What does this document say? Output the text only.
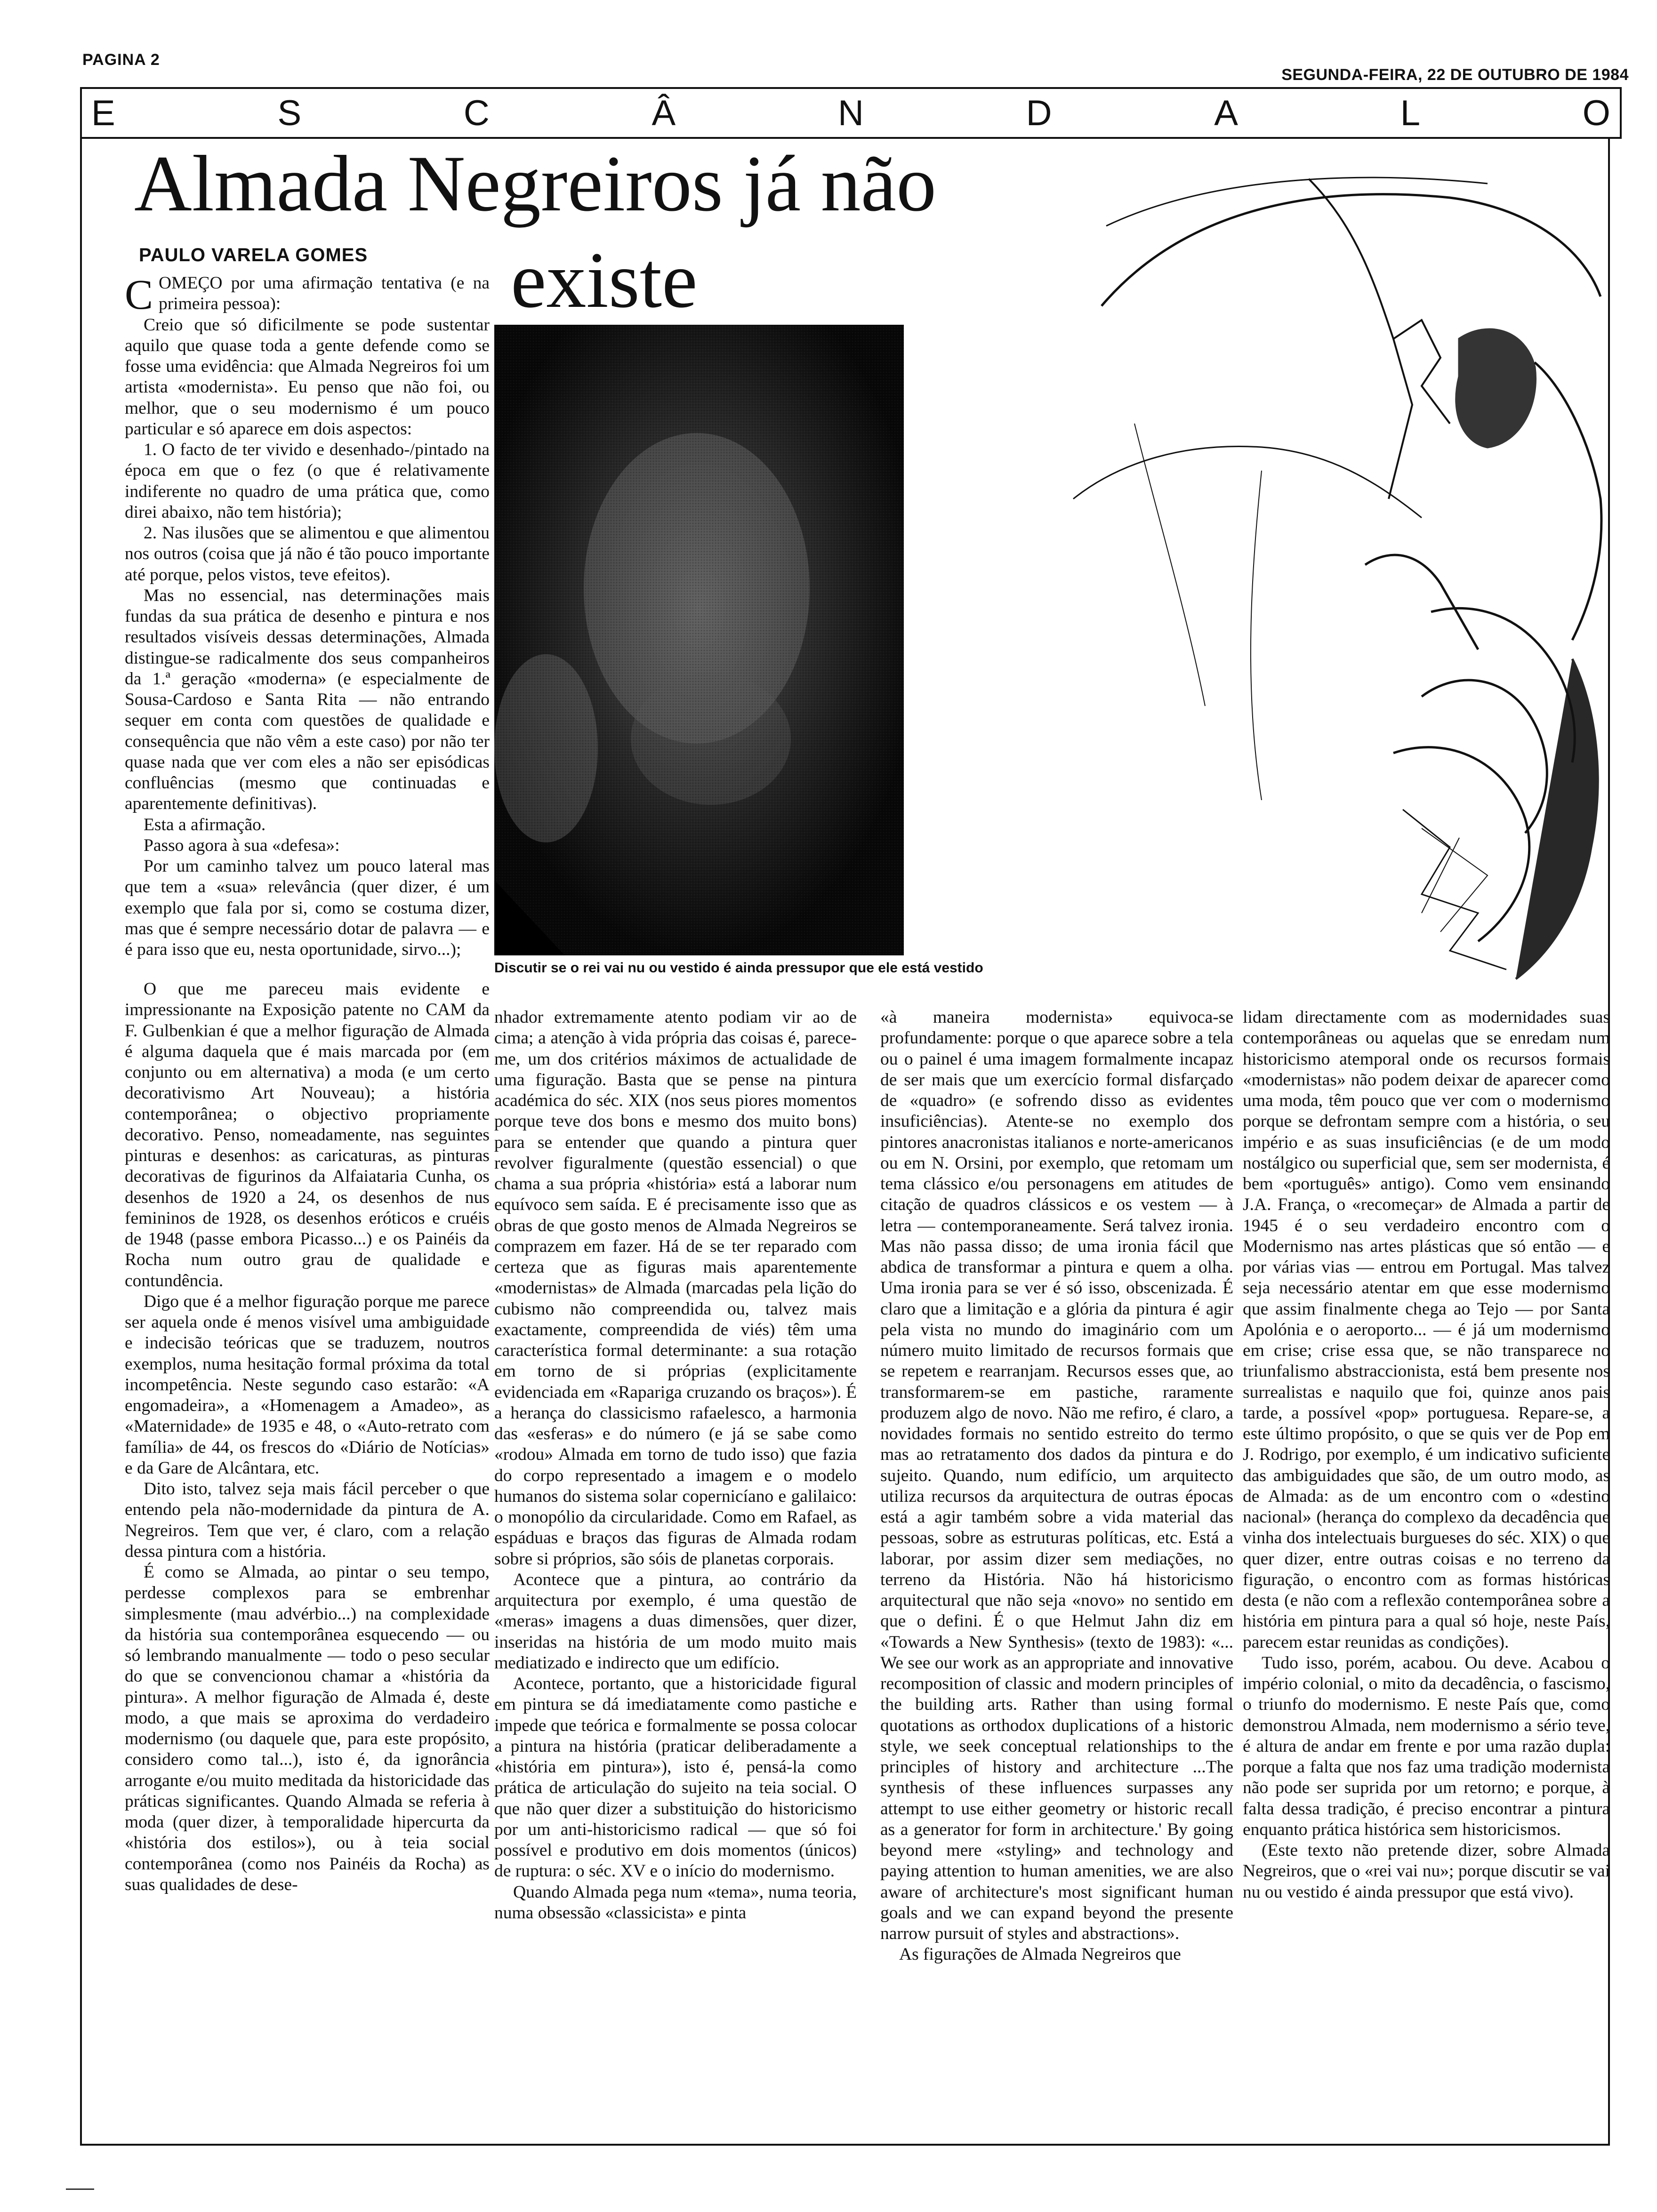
PAGINA 2
SEGUNDA-FEIRA, 22 DE OUTUBRO DE 1984
E	S	C	Â	N	D	A	L	O
Almada Negreiros já não
existe
PAULO VARELA GOMES
Discutir se o rei vai nu ou vestido é ainda pressupor que ele está vestido

COMEÇO por uma afirmação tentativa (e na primeira pessoa):

Creio que só dificilmente se pode sustentar aquilo que quase toda a gente defende como se fosse uma evidência: que Almada Negreiros foi um artista «modernista». Eu penso que não foi, ou melhor, que o seu modernismo é um pouco particular e só aparece em dois aspectos:

1. O facto de ter vivido e desenhado-/pintado na época em que o fez (o que é relativamente indiferente no quadro de uma prática que, como direi abaixo, não tem história);

2. Nas ilusões que se alimentou e que alimentou nos outros (coisa que já não é tão pouco importante até porque, pelos vistos, teve efeitos).

Mas no essencial, nas determinações mais fundas da sua prática de desenho e pintura e nos resultados visíveis dessas determinações, Almada distingue-se radicalmente dos seus companheiros da 1.ª geração «moderna» (e especialmente de Sousa-Cardoso e Santa Rita — não entrando sequer em conta com questões de qualidade e consequência que não vêm a este caso) por não ter quase nada que ver com eles a não ser episódicas confluências (mesmo que continuadas e aparentemente definitivas).

Esta a afirmação.

Passo agora à sua «defesa»:

Por um caminho talvez um pouco lateral mas que tem a «sua» relevância (quer dizer, é um exemplo que fala por si, como se costuma dizer, mas que é sempre necessário dotar de palavra — e é para isso que eu, nesta oportunidade, sirvo...);

O que me pareceu mais evidente e impressionante na Exposição patente no CAM da F. Gulbenkian é que a melhor figuração de Almada é alguma daquela que é mais marcada por (em conjunto ou em alternativa) a moda (e um certo decorativismo Art Nouveau); a história contemporânea; o objectivo propriamente decorativo. Penso, nomeadamente, nas seguintes pinturas e desenhos: as caricaturas, as pinturas decorativas de figurinos da Alfaiataria Cunha, os desenhos de 1920 a 24, os desenhos de nus femininos de 1928, os desenhos eróticos e cruéis de 1948 (passe embora Picasso...) e os Painéis da Rocha num outro grau de qualidade e contundência.

Digo que é a melhor figuração porque me parece ser aquela onde é menos visível uma ambiguidade e indecisão teóricas que se traduzem, noutros exemplos, numa hesitação formal próxima da total incompetência. Neste segundo caso estarão: «A engomadeira», a «Homenagem a Amadeo», as «Maternidade» de 1935 e 48, o «Auto-retrato com família» de 44, os frescos do «Diário de Notícias» e da Gare de Alcântara, etc.

Dito isto, talvez seja mais fácil perceber o que entendo pela não-modernidade da pintura de A. Negreiros. Tem que ver, é claro, com a relação dessa pintura com a história.

É como se Almada, ao pintar o seu tempo, perdesse complexos para se embrenhar simplesmente (mau advérbio...) na complexidade da história sua contemporânea esquecendo — ou só lembrando manualmente — todo o peso secular do que se convencionou chamar a «história da pintura». A melhor figuração de Almada é, deste modo, a que mais se aproxima do verdadeiro modernismo (ou daquele que, para este propósito, considero como tal...), isto é, da ignorância arrogante e/ou muito meditada da historicidade das práticas significantes. Quando Almada se referia à moda (quer dizer, à temporalidade hipercurta da «história dos estilos»), ou à teia social contemporânea (como nos Painéis da Rocha) as suas qualidades de dese-

nhador extremamente atento podiam vir ao de cima; a atenção à vida própria das coisas é, parece-me, um dos critérios máximos de actualidade de uma figuração. Basta que se pense na pintura académica do séc. XIX (nos seus piores momentos porque teve dos bons e mesmo dos muito bons) para se entender que quando a pintura quer revolver figuralmente (questão essencial) o que chama a sua própria «história» está a laborar num equívoco sem saída. E é precisamente isso que as obras de que gosto menos de Almada Negreiros se comprazem em fazer. Há de se ter reparado com certeza que as figuras mais aparentemente «modernistas» de Almada (marcadas pela lição do cubismo não compreendida ou, talvez mais exactamente, compreendida de viés) têm uma característica formal determinante: a sua rotação em torno de si próprias (explicitamente evidenciada em «Rapariga cruzando os braços»). É a herança do classicismo rafaelesco, a harmonia das «esferas» e do número (e já se sabe como «rodou» Almada em torno de tudo isso) que fazia do corpo representado a imagem e o modelo humanos do sistema solar copernicíano e galilaico: o monopólio da circularidade. Como em Rafael, as espáduas e braços das figuras de Almada rodam sobre si próprios, são sóis de planetas corporais.

Acontece que a pintura, ao contrário da arquitectura por exemplo, é uma questão de «meras» imagens a duas dimensões, quer dizer, inseridas na história de um modo muito mais mediatizado e indirecto que um edifício.

Acontece, portanto, que a historicidade figural em pintura se dá imediatamente como pastiche e impede que teórica e formalmente se possa colocar a pintura na história (praticar deliberadamente a «história em pintura»), isto é, pensá-la como prática de articulação do sujeito na teia social. O que não quer dizer a substituição do historicismo por um anti-historicismo radical — que só foi possível e produtivo em dois momentos (únicos) de ruptura: o séc. XV e o início do modernismo.

Quando Almada pega num «tema», numa teoria, numa obsessão «classicista» e pinta

«à maneira modernista» equivoca-se profundamente: porque o que aparece sobre a tela ou o painel é uma imagem formalmente incapaz de ser mais que um exercício formal disfarçado de «quadro» (e sofrendo disso as evidentes insuficiências). Atente-se no exemplo dos pintores anacronistas italianos e norte-americanos ou em N. Orsini, por exemplo, que retomam um tema clássico e/ou personagens em atitudes de citação de quadros clássicos e os vestem — à letra — contemporaneamente. Será talvez ironia. Mas não passa disso; de uma ironia fácil que abdica de transformar a pintura e quem a olha. Uma ironia para se ver é só isso, obscenizada. É claro que a limitação e a glória da pintura é agir pela vista no mundo do imaginário com um número muito limitado de recursos formais que se repetem e rearranjam. Recursos esses que, ao transformarem-se em pastiche, raramente produzem algo de novo. Não me refiro, é claro, a novidades formais no sentido estreito do termo mas ao retratamento dos dados da pintura e do sujeito. Quando, num edifício, um arquitecto utiliza recursos da arquitectura de outras épocas está a agir também sobre a vida material das pessoas, sobre as estruturas políticas, etc. Está a laborar, por assim dizer sem mediações, no terreno da História. Não há historicismo arquitectural que não seja «novo» no sentido em que o defini. É o que Helmut Jahn diz em «Towards a New Synthesis» (texto de 1983): «... We see our work as an appropriate and innovative recomposition of classic and modern principles of the building arts. Rather than using formal quotations as orthodox duplications of a historic style, we seek conceptual relationships to the principles of history and architecture ...The synthesis of these influences surpasses any attempt to use either geometry or historic recall as a generator for form in architecture.' By going beyond mere «styling» and technology and paying attention to human amenities, we are also aware of architecture's most significant human goals and we can expand beyond the presente narrow pursuit of styles and abstractions».

As figurações de Almada Negreiros que

lidam directamente com as modernidades suas contemporâneas ou aquelas que se enredam num historicismo atemporal onde os recursos formais «modernistas» não podem deixar de aparecer como uma moda, têm pouco que ver com o modernismo porque se defrontam sempre com a história, o seu império e as suas insuficiências (e de um modo nostálgico ou superficial que, sem ser modernista, é bem «português» antigo). Como vem ensinando J.A. França, o «recomeçar» de Almada a partir de 1945 é o seu verdadeiro encontro com o Modernismo nas artes plásticas que só então — e por várias vias — entrou em Portugal. Mas talvez seja necessário atentar em que esse modernismo que assim finalmente chega ao Tejo — por Santa Apolónia e o aeroporto... — é já um modernismo em crise; crise essa que, se não transparece no triunfalismo abstraccionista, está bem presente nos surrealistas e naquilo que foi, quinze anos pais tarde, a possível «pop» portuguesa. Repare-se, a este último propósito, o que se quis ver de Pop em J. Rodrigo, por exemplo, é um indicativo suficiente das ambiguidades que são, de um outro modo, as de Almada: as de um encontro com o «destino nacional» (herança do complexo da decadência que vinha dos intelectuais burgueses do séc. XIX) o que quer dizer, entre outras coisas e no terreno da figuração, o encontro com as formas históricas desta (e não com a reflexão contemporânea sobre a história em pintura para a qual só hoje, neste País, parecem estar reunidas as condições).

Tudo isso, porém, acabou. Ou deve. Acabou o império colonial, o mito da decadência, o fascismo, o triunfo do modernismo. E neste País que, como demonstrou Almada, nem modernismo a sério teve, é altura de andar em frente e por uma razão dupla: porque a falta que nos faz uma tradição modernista não pode ser suprida por um retorno; e porque, à falta dessa tradição, é preciso encontrar a pintura enquanto prática histórica sem historicismos.

(Este texto não pretende dizer, sobre Almada Negreiros, que o «rei vai nu»; porque discutir se vai nu ou vestido é ainda pressupor que está vivo).
